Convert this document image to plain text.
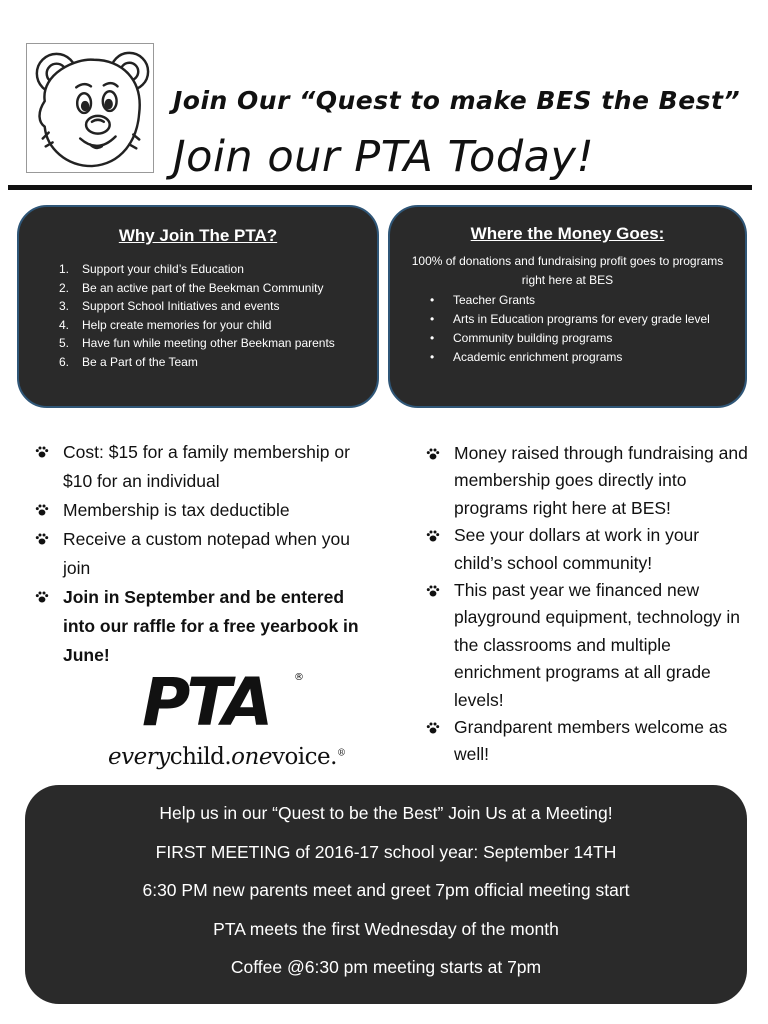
Join Our “Quest to make BES the Best”
Join our PTA Today!
Why Join The PTA?
1.	Support your child’s Education
2.	Be an active part of the Beekman Community
3.	Support School Initiatives and events
4.	Help create memories for your child
5.	Have fun while meeting other Beekman parents
6.	Be a Part of the Team
Where the Money Goes:
100% of donations and fundraising profit goes to programs right here at BES
• Teacher Grants
• Arts in Education programs for every grade level
• Community building programs
• Academic enrichment programs
Cost: $15 for a family membership or $10 for an individual
Membership is tax deductible
Receive a custom notepad when you join
Join in September and be entered into our raffle for a free yearbook in June!
Money raised through fundraising and membership goes directly into programs right here at BES!
See your dollars at work in your child’s school community!
This past year we financed new playground equipment, technology in the classrooms and multiple enrichment programs at all grade levels!
Grandparent members welcome as well!
PTA ®
everychild.onevoice.®
Help us in our “Quest to be the Best” Join Us at a Meeting!
FIRST MEETING of 2016-17 school year: September 14TH
6:30 PM new parents meet and greet 7pm official meeting start
PTA meets the first Wednesday of the month
Coffee @6:30 pm meeting starts at 7pm
